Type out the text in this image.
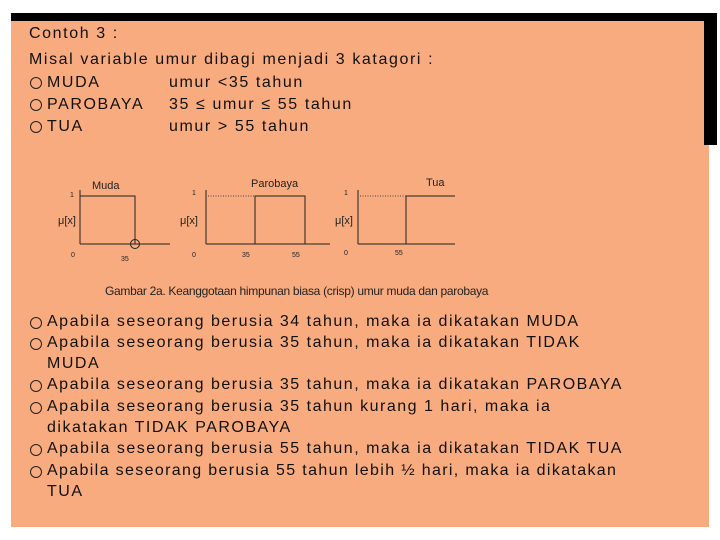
Contoh 3 :
Misal variable umur dibagi menjadi 3 katagori :
MUDA	umur <35 tahun
PAROBAYA 35 ≤ umur ≤ 55 tahun
TUA	umur > 55 tahun
Muda
1
μ[x]
0
35
Parobaya
1
μ[x]
0	35	55
Tua
1
μ[x]
0	55
Gambar 2a. Keanggotaan himpunan biasa (crisp) umur muda dan parobaya
Apabila seseorang berusia 34 tahun, maka ia dikatakan MUDA
Apabila seseorang berusia 35 tahun, maka ia dikatakan TIDAK
MUDA
Apabila seseorang berusia 35 tahun, maka ia dikatakan PAROBAYA
Apabila seseorang berusia 35 tahun kurang 1 hari, maka ia
dikatakan TIDAK PAROBAYA
Apabila seseorang berusia 55 tahun, maka ia dikatakan TIDAK TUA
Apabila seseorang berusia 55 tahun lebih ½ hari, maka ia dikatakan
TUA
